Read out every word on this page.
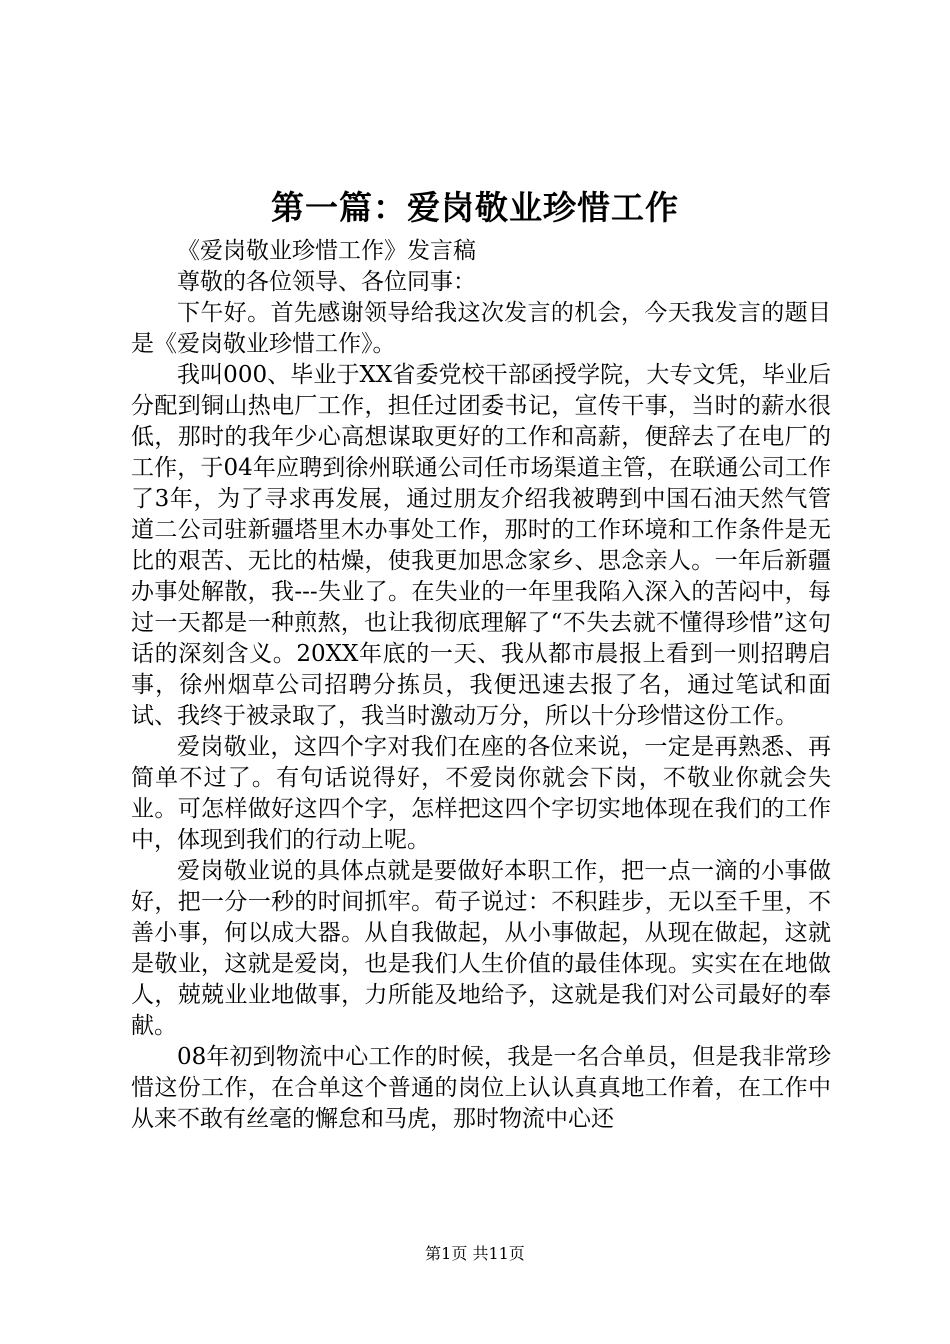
第一篇：爱岗敬业珍惜工作

《爱岗敬业珍惜工作》发言稿

尊敬的各位领导、各位同事：

下午好。首先感谢领导给我这次发言的机会，今天我发言的题目是《爱岗敬业珍惜工作》。

我叫000、毕业于XX省委党校干部函授学院，大专文凭，毕业后分配到铜山热电厂工作，担任过团委书记，宣传干事，当时的薪水很低，那时的我年少心高想谋取更好的工作和高薪，便辞去了在电厂的工作，于04年应聘到徐州联通公司任市场渠道主管，在联通公司工作了3年，为了寻求再发展，通过朋友介绍我被聘到中国石油天然气管道二公司驻新疆塔里木办事处工作，那时的工作环境和工作条件是无比的艰苦、无比的枯燥，使我更加思念家乡、思念亲人。一年后新疆办事处解散，我---失业了。在失业的一年里我陷入深入的苦闷中，每过一天都是一种煎熬，也让我彻底理解了“不失去就不懂得珍惜”这句话的深刻含义。20XX年底的一天、我从都市晨报上看到一则招聘启事，徐州烟草公司招聘分拣员，我便迅速去报了名，通过笔试和面试、我终于被录取了，我当时激动万分，所以十分珍惜这份工作。

爱岗敬业，这四个字对我们在座的各位来说，一定是再熟悉、再简单不过了。有句话说得好，不爱岗你就会下岗，不敬业你就会失业。可怎样做好这四个字，怎样把这四个字切实地体现在我们的工作中，体现到我们的行动上呢。

爱岗敬业说的具体点就是要做好本职工作，把一点一滴的小事做好，把一分一秒的时间抓牢。荀子说过：不积跬步，无以至千里，不善小事，何以成大器。从自我做起，从小事做起，从现在做起，这就是敬业，这就是爱岗，也是我们人生价值的最佳体现。实实在在地做人，兢兢业业地做事，力所能及地给予，这就是我们对公司最好的奉献。

08年初到物流中心工作的时候，我是一名合单员，但是我非常珍惜这份工作，在合单这个普通的岗位上认认真真地工作着，在工作中从来不敢有丝毫的懈怠和马虎，那时物流中心还

第1页 共11页
